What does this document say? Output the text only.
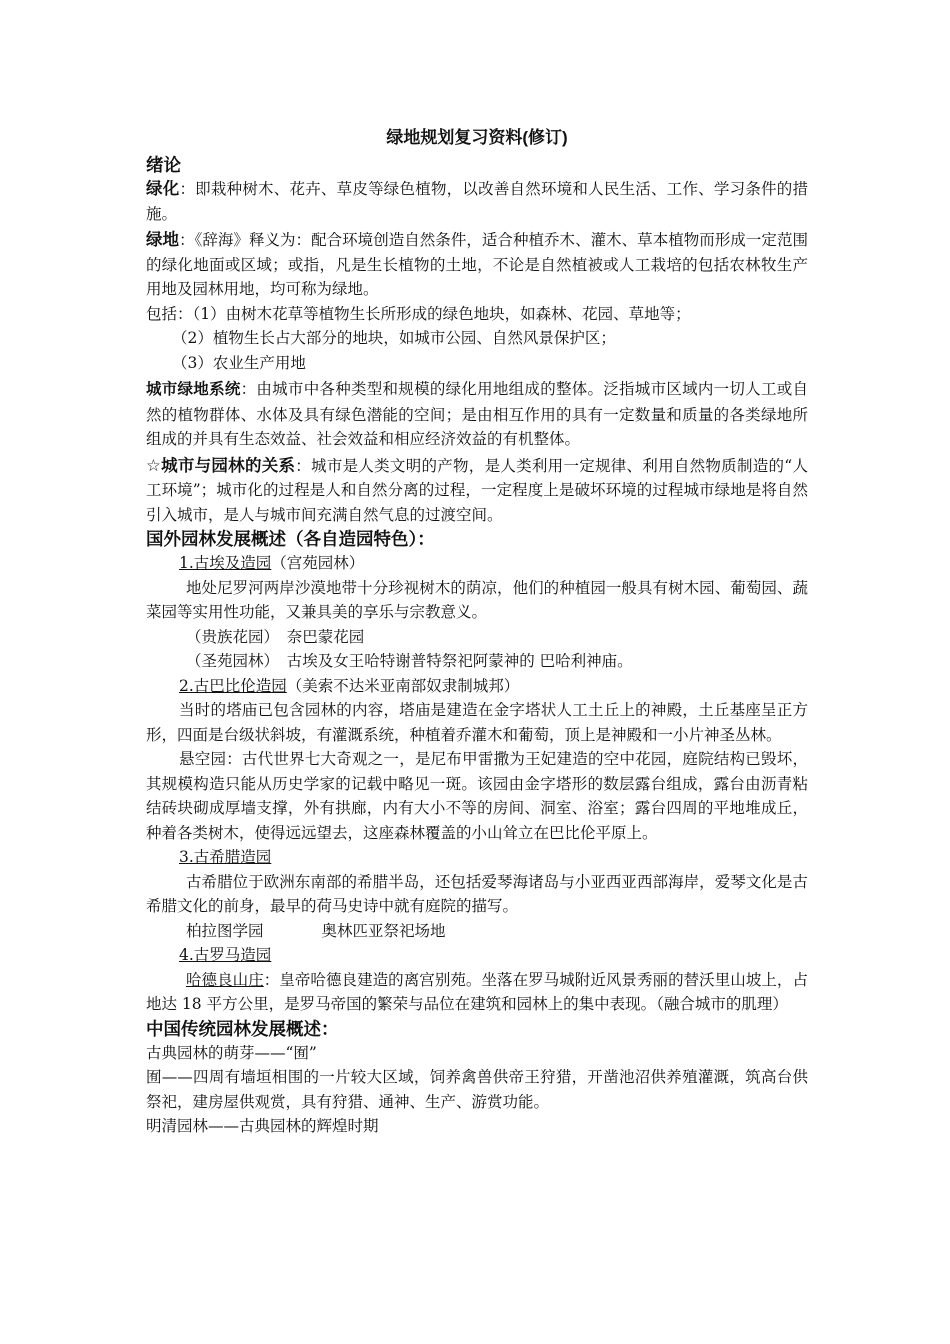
绿地规划复习资料(修订)
绪论

绿化：即栽种树木、花卉、草皮等绿色植物，以改善自然环境和人民生活、工作、学习条件的措施。

绿地：《辞海》释义为：配合环境创造自然条件，适合种植乔木、灌木、草本植物而形成一定范围的绿化地面或区域；或指，凡是生长植物的土地，不论是自然植被或人工栽培的包括农林牧生产用地及园林用地，均可称为绿地。

包括：（1）由树木花草等植物生长所形成的绿色地块，如森林、花园、草地等；

（2）植物生长占大部分的地块，如城市公园、自然风景保护区；

（3）农业生产用地

城市绿地系统：由城市中各种类型和规模的绿化用地组成的整体。泛指城市区域内一切人工或自然的植物群体、水体及具有绿色潜能的空间；是由相互作用的具有一定数量和质量的各类绿地所组成的并具有生态效益、社会效益和相应经济效益的有机整体。

☆城市与园林的关系：城市是人类文明的产物，是人类利用一定规律、利用自然物质制造的“人工环境”；城市化的过程是人和自然分离的过程，一定程度上是破坏环境的过程城市绿地是将自然引入城市，是人与城市间充满自然气息的过渡空间。

国外园林发展概述（各自造园特色）：

1.古埃及造园（宫苑园林）

地处尼罗河两岸沙漠地带十分珍视树木的荫凉，他们的种植园一般具有树木园、葡萄园、蔬菜园等实用性功能，又兼具美的享乐与宗教意义。

（贵族花园）　奈巴蒙花园

（圣苑园林）　古埃及女王哈特谢普特祭祀阿蒙神的 巴哈利神庙。

2.古巴比伦造园（美索不达米亚南部奴隶制城邦）

当时的塔庙已包含园林的内容，塔庙是建造在金字塔状人工土丘上的神殿，土丘基座呈正方形，四面是台级状斜坡，有灌溉系统，种植着乔灌木和葡萄，顶上是神殿和一小片神圣丛林。

悬空园：古代世界七大奇观之一，是尼布甲雷撒为王妃建造的空中花园，庭院结构已毁坏，其规模构造只能从历史学家的记载中略见一斑。该园由金字塔形的数层露台组成，露台由沥青粘结砖块砌成厚墙支撑，外有拱廊，内有大小不等的房间、洞室、浴室；露台四周的平地堆成丘，种着各类树木，使得远远望去，这座森林覆盖的小山耸立在巴比伦平原上。

3.古希腊造园

古希腊位于欧洲东南部的希腊半岛，还包括爱琴海诸岛与小亚西亚西部海岸，爱琴文化是古希腊文化的前身，最早的荷马史诗中就有庭院的描写。

柏拉图学园	奥林匹亚祭祀场地

4.古罗马造园

哈德良山庄：皇帝哈德良建造的离宫别苑。坐落在罗马城附近风景秀丽的替沃里山坡上，占地达 18 平方公里，是罗马帝国的繁荣与品位在建筑和园林上的集中表现。（融合城市的肌理）

中国传统园林发展概述：

古典园林的萌芽——“囿”

囿——四周有墙垣相围的一片较大区域，饲养禽兽供帝王狩猎，开凿池沼供养殖灌溉，筑高台供祭祀，建房屋供观赏，具有狩猎、通神、生产、游赏功能。

明清园林——古典园林的辉煌时期
